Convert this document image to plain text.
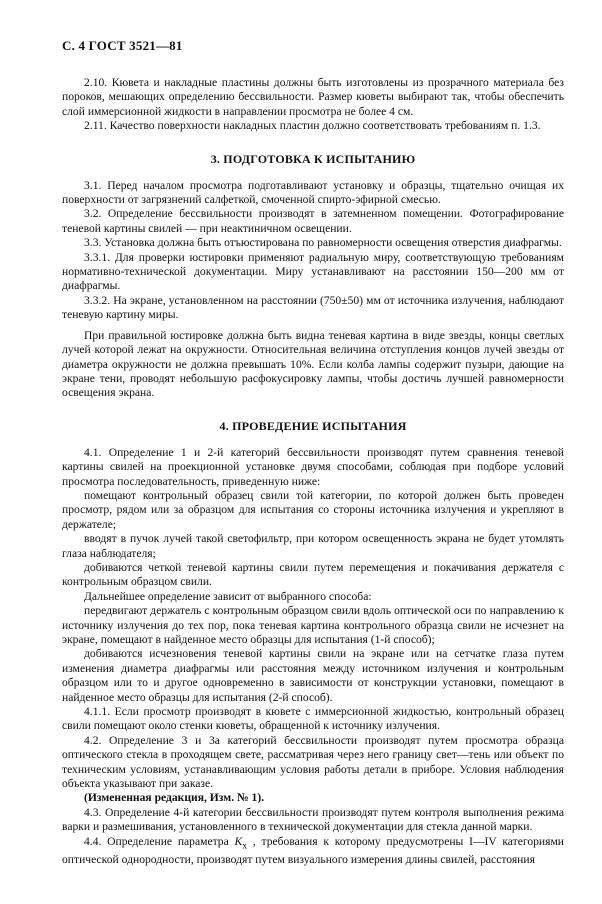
С. 4 ГОСТ 3521—81

2.10. Кювета и накладные пластины должны быть изготовлены из прозрачного материала без пороков, мешающих определению бессвильности. Размер кюветы выбирают так, чтобы обеспечить слой иммерсионной жидкости в направлении просмотра не более 4 см.

2.11. Качество поверхности накладных пластин должно соответствовать требованиям п. 1.3.

3. ПОДГОТОВКА К ИСПЫТАНИЮ

3.1. Перед началом просмотра подготавливают установку и образцы, тщательно очищая их поверхности от загрязнений салфеткой, смоченной спирто-эфирной смесью.

3.2. Определение бессвильности производят в затемненном помещении. Фотографирование теневой картины свилей — при неактиничном освещении.

3.3. Установка должна быть отъюстирована по равномерности освещения отверстия диафрагмы.

3.3.1. Для проверки юстировки применяют радиальную миру, соответствующую требованиям нормативно-технической документации. Миру устанавливают на расстоянии 150—200 мм от диафрагмы.

3.3.2. На экране, установленном на расстоянии (750±50) мм от источника излучения, наблюдают теневую картину миры.

При правильной юстировке должна быть видна теневая картина в виде звезды, концы светлых лучей которой лежат на окружности. Относительная величина отступления концов лучей звезды от диаметра окружности не должна превышать 10%. Если колба лампы содержит пузыри, дающие на экране тени, проводят небольшую расфокусировку лампы, чтобы достичь лучшей равномерности освещения экрана.

4. ПРОВЕДЕНИЕ ИСПЫТАНИЯ

4.1. Определение 1 и 2-й категорий бессвильности производят путем сравнения теневой картины свилей на проекционной установке двумя способами, соблюдая при подборе условий просмотра последовательность, приведенную ниже:

помещают контрольный образец свили той категории, по которой должен быть проведен просмотр, рядом или за образцом для испытания со стороны источника излучения и укрепляют в держателе;

вводят в пучок лучей такой светофильтр, при котором освещенность экрана не будет утомлять глаза наблюдателя;

добиваются четкой теневой картины свили путем перемещения и покачивания держателя с контрольным образцом свили.

Дальнейшее определение зависит от выбранного способа:

передвигают держатель с контрольным образцом свили вдоль оптической оси по направлению к источнику излучения до тех пор, пока теневая картина контрольного образца свили не исчезнет на экране, помещают в найденное место образцы для испытания (1-й способ);

добиваются исчезновения теневой картины свили на экране или на сетчатке глаза путем изменения диаметра диафрагмы или расстояния между источником излучения и контрольным образцом или то и другое одновременно в зависимости от конструкции установки, помещают в найденное место образцы для испытания (2-й способ).

4.1.1. Если просмотр производят в кювете с иммерсионной жидкостью, контрольный образец свили помещают около стенки кюветы, обращенной к источнику излучения.

4.2. Определение 3 и 3а категорий бессвильности производят путем просмотра образца оптического стекла в проходящем свете, рассматривая через него границу свет—тень или объект по техническим условиям, устанавливающим условия работы детали в приборе. Условия наблюдения объекта указывают при заказе.

(Измененная редакция, Изм. № 1).

4.3. Определение 4-й категории бессвильности производят путем контроля выполнения режима варки и размешивания, установленного в технической документации для стекла данной марки.

4.4. Определение параметра $K_x$ , требования к которому предусмотрены I—IV категориями оптической однородности, производят путем визуального измерения длины свилей, расстояния
